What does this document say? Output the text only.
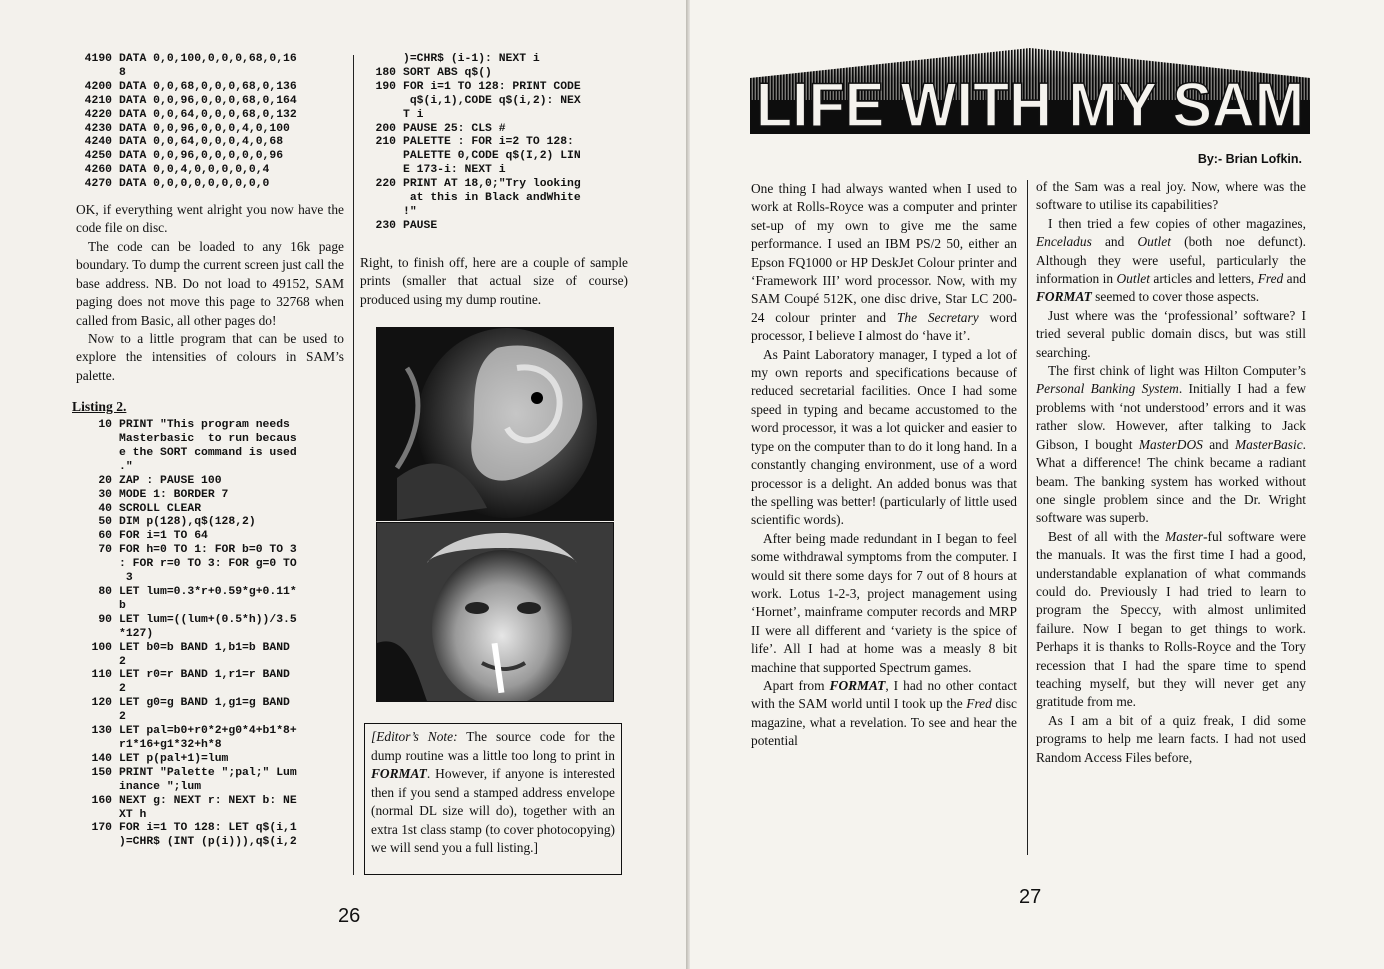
4190 DATA 0,0,100,0,0,0,68,0,16
8
4200 DATA 0,0,68,0,0,0,68,0,136
4210 DATA 0,0,96,0,0,0,68,0,164
4220 DATA 0,0,64,0,0,0,68,0,132
4230 DATA 0,0,96,0,0,0,4,0,100
4240 DATA 0,0,64,0,0,0,4,0,68
4250 DATA 0,0,96,0,0,0,0,0,96
4260 DATA 0,0,4,0,0,0,0,0,4
4270 DATA 0,0,0,0,0,0,0,0,0

OK, if everything went alright you now have the code file on disc.

The code can be loaded to any 16k page boundary. To dump the current screen just call the base address. NB. Do not load to 49152, SAM paging does not move this page to 32768 when called from Basic, all other pages do!

Now to a little program that can be used to explore the intensities of colours in SAM’s palette.

Listing 2.
10 PRINT "This program needs
Masterbasic  to run becaus
e the SORT command is used
."
20 ZAP : PAUSE 100
30 MODE 1: BORDER 7
40 SCROLL CLEAR
50 DIM p(128),q$(128,2)
60 FOR i=1 TO 64
70 FOR h=0 TO 1: FOR b=0 TO 3
: FOR r=0 TO 3: FOR g=0 TO
3
80 LET lum=0.3*r+0.59*g+0.11*
b
90 LET lum=((lum+(0.5*h))/3.5
*127)
100 LET b0=b BAND 1,b1=b BAND
2
110 LET r0=r BAND 1,r1=r BAND
2
120 LET g0=g BAND 1,g1=g BAND
2
130 LET pal=b0+r0*2+g0*4+b1*8+
r1*16+g1*32+h*8
140 LET p(pal+1)=lum
150 PRINT "Palette ";pal;" Lum
inance ";lum
160 NEXT g: NEXT r: NEXT b: NE
XT h
170 FOR i=1 TO 128: LET q$(i,1
)=CHR$ (INT (p(i))),q$(i,2
)=CHR$ (i-1): NEXT i
180 SORT ABS q$()
190 FOR i=1 TO 128: PRINT CODE
q$(i,1),CODE q$(i,2): NEX
T i
200 PAUSE 25: CLS #
210 PALETTE : FOR i=2 TO 128:
PALETTE 0,CODE q$(I,2) LIN
E 173-i: NEXT i
220 PRINT AT 18,0;"Try looking
at this in Black andWhite
!"
230 PAUSE

Right, to finish off, here are a couple of sample prints (smaller that actual size of course) produced using my dump routine.

[Editor’s Note: The source code for the dump routine was a little too long to print in FORMAT. However, if anyone is interested then if you send a stamped address envelope (normal DL size will do), together with an extra 1st class stamp (to cover photocopying) we will send you a full listing.]
26
LIFE WITH MY SAM
By:- Brian Lofkin.

One thing I had always wanted when I used to work at Rolls-Royce was a computer and printer set-up of my own to give me the same performance. I used an IBM PS/2 50, either an Epson FQ1000 or HP DeskJet Colour printer and ‘Framework III’ word processor. Now, with my SAM Coupé 512K, one disc drive, Star LC 200-24 colour printer and The Secretary word processor, I believe I almost do ‘have it’.

As Paint Laboratory manager, I typed a lot of my own reports and specifications because of reduced secretarial facilities. Once I had some speed in typing and became accustomed to the word processor, it was a lot quicker and easier to type on the computer than to do it long hand. In a constantly changing environment, use of a word processor is a delight. An added bonus was that the spelling was better! (particularly of little used scientific words).

After being made redundant in I began to feel some withdrawal symptoms from the computer. I would sit there some days for 7 out of 8 hours at work. Lotus 1-2-3, project management using ‘Hornet’, mainframe computer records and MRP II were all different and ‘variety is the spice of life’. All I had at home was a measly 8 bit machine that supported Spectrum games.

Apart from FORMAT, I had no other contact with the SAM world until I took up the Fred disc magazine, what a revelation. To see and hear the potential

of the Sam was a real joy. Now, where was the software to utilise its capabilities?

I then tried a few copies of other magazines, Enceladus and Outlet (both noe defunct). Although they were useful, particularly the information in Outlet articles and letters, Fred and FORMAT seemed to cover those aspects.

Just where was the ‘professional’ software? I tried several public domain discs, but was still searching.

The first chink of light was Hilton Computer’s Personal Banking System. Initially I had a few problems with ‘not understood’ errors and it was rather slow. However, after talking to Jack Gibson, I bought MasterDOS and MasterBasic. What a difference! The chink became a radiant beam. The banking system has worked without one single problem since and the Dr. Wright software was superb.

Best of all with the Master-ful software were the manuals. It was the first time I had a good, understandable explanation of what commands could do. Previously I had tried to learn to program the Speccy, with almost unlimited failure. Now I began to get things to work. Perhaps it is thanks to Rolls-Royce and the Tory recession that I had the spare time to spend teaching myself, but they will never get any gratitude from me.

As I am a bit of a quiz freak, I did some programs to help me learn facts. I had not used Random Access Files before,

27
